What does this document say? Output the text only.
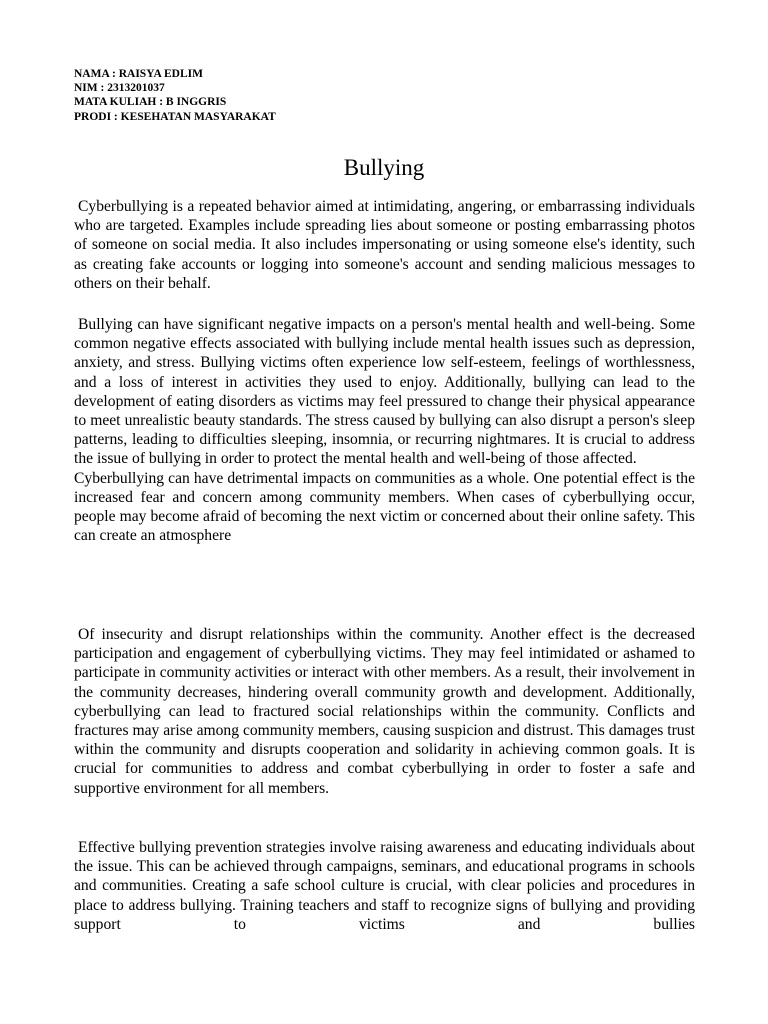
NAMA : RAISYA EDLIM
NIM : 2313201037
MATA KULIAH : B INGGRIS
PRODI : KESEHATAN MASYARAKAT
Bullying

Cyberbullying is a repeated behavior aimed at intimidating, angering, or embarrassing individuals who are targeted. Examples include spreading lies about someone or posting embarrassing photos of someone on social media. It also includes impersonating or using someone else's identity, such as creating fake accounts or logging into someone's account and sending malicious messages to others on their behalf.

Bullying can have significant negative impacts on a person's mental health and well-being. Some common negative effects associated with bullying include mental health issues such as depression, anxiety, and stress. Bullying victims often experience low self-esteem, feelings of worthlessness, and a loss of interest in activities they used to enjoy. Additionally, bullying can lead to the development of eating disorders as victims may feel pressured to change their physical appearance to meet unrealistic beauty standards. The stress caused by bullying can also disrupt a person's sleep patterns, leading to difficulties sleeping, insomnia, or recurring nightmares. It is crucial to address the issue of bullying in order to protect the mental health and well-being of those affected.

Cyberbullying can have detrimental impacts on communities as a whole. One potential effect is the increased fear and concern among community members. When cases of cyberbullying occur, people may become afraid of becoming the next victim or concerned about their online safety. This can create an atmosphere

Of insecurity and disrupt relationships within the community. Another effect is the decreased participation and engagement of cyberbullying victims. They may feel intimidated or ashamed to participate in community activities or interact with other members. As a result, their involvement in the community decreases, hindering overall community growth and development. Additionally, cyberbullying can lead to fractured social relationships within the community. Conflicts and fractures may arise among community members, causing suspicion and distrust. This damages trust within the community and disrupts cooperation and solidarity in achieving common goals. It is crucial for communities to address and combat cyberbullying in order to foster a safe and supportive environment for all members.

Effective bullying prevention strategies involve raising awareness and educating individuals about the issue. This can be achieved through campaigns, seminars, and educational programs in schools and communities. Creating a safe school culture is crucial, with clear policies and procedures in place to address bullying. Training teachers and staff to recognize signs of bullying and providing support to victims and bullies
